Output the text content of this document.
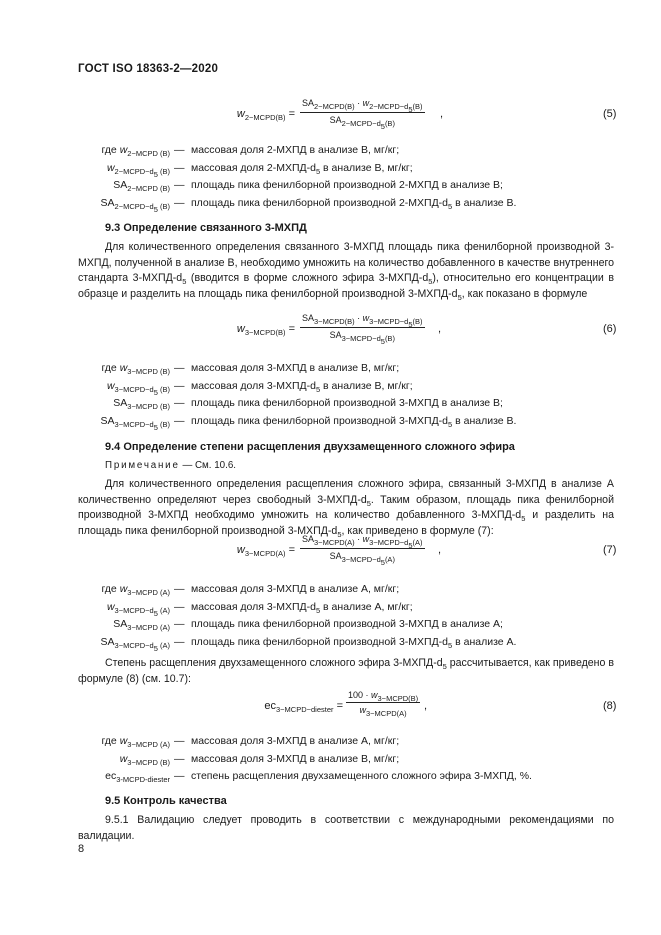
ГОСТ ISO 18363-2—2020
$w_{2-MCPD(B)}$ =
$SA_{2-MCPD(B)} \cdot w_{2-MCPD-d_5(B)}$
$SA_{2-MCPD-d_5(B)}$
,	(5)
где $w_{2-MCPD (B)}$ — массовая доля 2-МХПД в анализе В, мг/кг;
$w_{2-MCPD-d_5 (B)}$ — массовая доля $2-МХПД-d_5$ в анализе В, мг/кг;
$SA_{2-MCPD (B)}$ — площадь пика фенилборной производной 2-МХПД в анализе В;
$SA_{2-MCPD-d_5 (B)}$ — площадь пика фенилборной производной $2-МХПД-d_5$ в анализе В.
9.3 Определение связанного 3-МХПД
Для количественного определения связанного 3-МХПД площадь пика фенилборной производной 3-МХПД, полученной в анализе В, необходимо умножить на количество добавленного в качестве внутреннего стандарта $3-МХПД-d_5$ (вводится в форме сложного эфира $3-МХПД-d_5$), относительно его концентрации в образце и разделить на площадь пика фенилборной производной $3-МХПД-d_5$, как показано в формуле
$w_{3-MCPD(B)}$ =
$SA_{3-MCPD(B)} \cdot w_{3-MCPD-d_5(B)}$
$SA_{3-MCPD-d_5(B)}$
,	(6)
где $w_{3-MCPD (B)}$ — массовая доля 3-МХПД в анализе В, мг/кг;
$w_{3-MCPD-d_5 (B)}$ — массовая доля $3-МХПД-d_5$ в анализе В, мг/кг;
$SA_{3-MCPD (B)}$ — площадь пика фенилборной производной 3-МХПД в анализе В;
$SA_{3-MCPD-d_5 (B)}$ — площадь пика фенилборной производной $3-МХПД-d_5$ в анализе В.
9.4 Определение степени расщепления двухзамещенного сложного эфира
Примечание — См. 10.6.
Для количественного определения расщепления сложного эфира, связанный 3-МХПД в анализе А количественно определяют через свободный $3-МХПД-d_5$. Таким образом, площадь пика фенилборной производной 3-МХПД необходимо умножить на количество добавленного $3-МХПД-d_5$ и разделить на площадь пика фенилборной производной $3-МХПД-d_5$, как приведено в формуле (7):
$w_{3-MCPD(A)}$ =
$SA_{3-MCPD(A)} \cdot w_{3-MCPD-d_5(A)}$
$SA_{3-MCPD-d_5(A)}$
,	(7)
где $w_{3-MCPD (A)}$ — массовая доля 3-МХПД в анализе А, мг/кг;
$w_{3-MCPD-d_5 (A)}$ — массовая доля $3-МХПД-d_5$ в анализе А, мг/кг;
$SA_{3-MCPD (A)}$ — площадь пика фенилборной производной 3-МХПД в анализе А;
$SA_{3-MCPD-d_5 (A)}$ — площадь пика фенилборной производной $3-МХПД-d_5$ в анализе А.
Степень расщепления двухзамещенного сложного эфира $3-МХПД-d_5$ рассчитывается, как приведено в формуле (8) (см. 10.7):
$ec_{3-MCPD-diester}$ =
$100 \cdot w_{3-MCPD(B)}$
$w_{3-MCPD(A)}$
,	(8)
где $w_{3-MCPD (A)}$ — массовая доля 3-МХПД в анализе А, мг/кг;
$w_{3-MCPD (B)}$ — массовая доля 3-МХПД в анализе В, мг/кг;
$ec_{3-MCPD-diester}$ — степень расщепления двухзамещенного сложного эфира 3-МХПД, %.
9.5 Контроль качества
9.5.1 Валидацию следует проводить в соответствии с международными рекомендациями по валидации.
8
